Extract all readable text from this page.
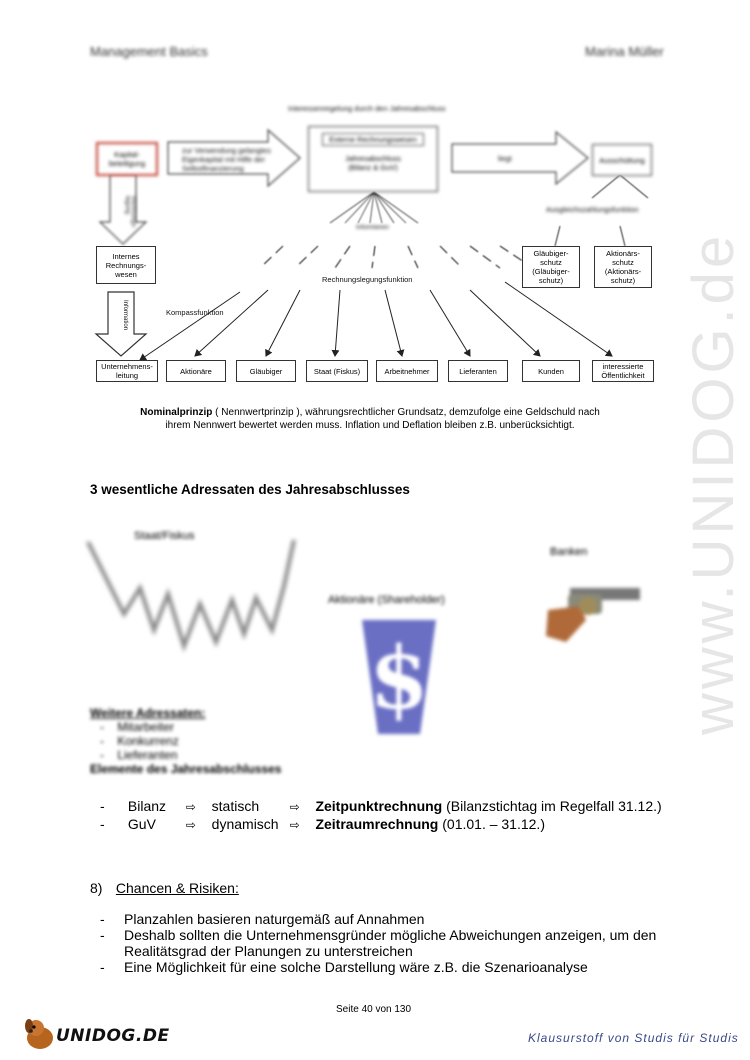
www.UNIDOG.de
Management Basics	Marina Müller
Interessenregelung durch den Jahresabschluss
Kapital-
beteiligung
zur Verwendung gelangtes
Eigenkapital mit Hilfe der
Selbstfinanzierung
Externe Rechnungswesen
Jahresabschluss
(Bilanz & GuV)
liegt	Ausschüttung
Ausgleichszahlungsfunktion
Rechnungs-
legung
Internes
Rechnungs-
wesen
Information
Informieren
Kompassfunktion
Rechnungslegungsfunktion
Gläubiger-
schutz
(Gläubiger-
schutz)
Aktionärs-
schutz
(Aktionärs-
schutz)
Unternehmens-
leitung	Aktionäre	Gläubiger	Staat (Fiskus)	Arbeitnehmer	Lieferanten	Kunden	interessierte
Öffentlichkeit
Nominalprinzip ( Nennwertprinzip ), währungsrechtlicher Grundsatz, demzufolge eine Geldschuld nach
ihrem Nennwert bewertet werden muss. Inflation und Deflation bleiben z.B. unberücksichtigt.
3 wesentliche Adressaten des Jahresabschlusses
Staat/Fiskus
Aktionäre (Shareholder)
$
Banken
Weitere Adressaten:
-    Mitarbeiter
-    Konkurrenz
-    Lieferanten
Elemente des Jahresabschlusses
- Bilanz ⇨ statisch	⇨ Zeitpunktrechnung (Bilanzstichtag im Regelfall 31.12.)
- GuV ⇨ dynamisch ⇨ Zeitraumrechnung (01.01. – 31.12.)
8) Chancen & Risiken:
- Planzahlen basieren naturgemäß auf Annahmen
- Deshalb sollten die Unternehmensgründer mögliche Abweichungen anzeigen, um den
Realitätsgrad der Planungen zu unterstreichen
- Eine Möglichkeit für eine solche Darstellung wäre z.B. die Szenarioanalyse
Seite 40 von 130
UNIDOG.DE	Klausurstoff von Studis für Studis
